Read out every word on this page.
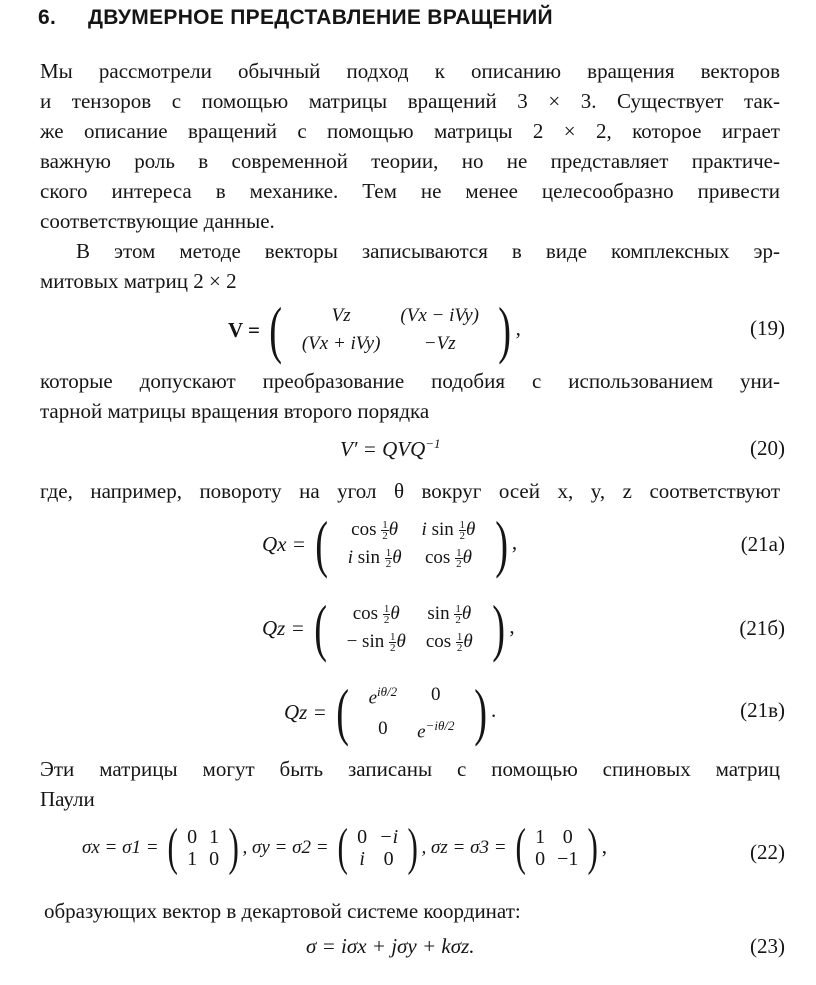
6. ДВУМЕРНОЕ ПРЕДСТАВЛЕНИЕ ВРАЩЕНИЙ
Мы рассмотрели обычный подход к описанию вращения векторов
и тензоров с помощью матрицы вращений 3 × 3. Существует так-
же описание вращений с помощью матрицы 2 × 2, которое играет
важную роль в современной теории, но не представляет практиче-
ского интереса в механике. Тем не менее целесообразно привести
соответствующие данные.
В этом методе векторы записываются в виде комплексных эр-
митовых матриц 2 × 2
V = (	Vz	(Vx − iVy)
(Vx + iVy)	−Vz ) ,	(19)
которые допускают преобразование подобия с использованием уни-
тарной матрицы вращения второго порядка
$V' = QVQ^{-1}$	(20)
где, например, повороту на угол θ вокруг осей x, y, z соответствуют
Qx = ( $\cos \frac{1}{2}$ θ	i $\sin \frac{1}{2}$ θ
i $\sin \frac{1}{2}$ θ	$\cos \frac{1}{2}$ θ ) ,	(21а)
Qz = ( $\cos \frac{1}{2}$ θ	$\sin \frac{1}{2}$ θ
− $\sin \frac{1}{2}$ θ	$\cos \frac{1}{2}$ θ ) ,	(21б)
Qz = ( $e^{i\theta/2}$	0
0	$e^{-i\theta/2}$ ) .	(21в)
Эти матрицы могут быть записаны с помощью спиновых матриц
Паули
σx = σ1 = ( 0	1
1	0 ) , σy = σ2 = ( 0	−i
i	0 ) , σz = σ3 = ( 1	0
0	−1 ) ,	(22)
образующих вектор в декартовой системе координат:
σ = iσx + jσy + kσz.	(23)
